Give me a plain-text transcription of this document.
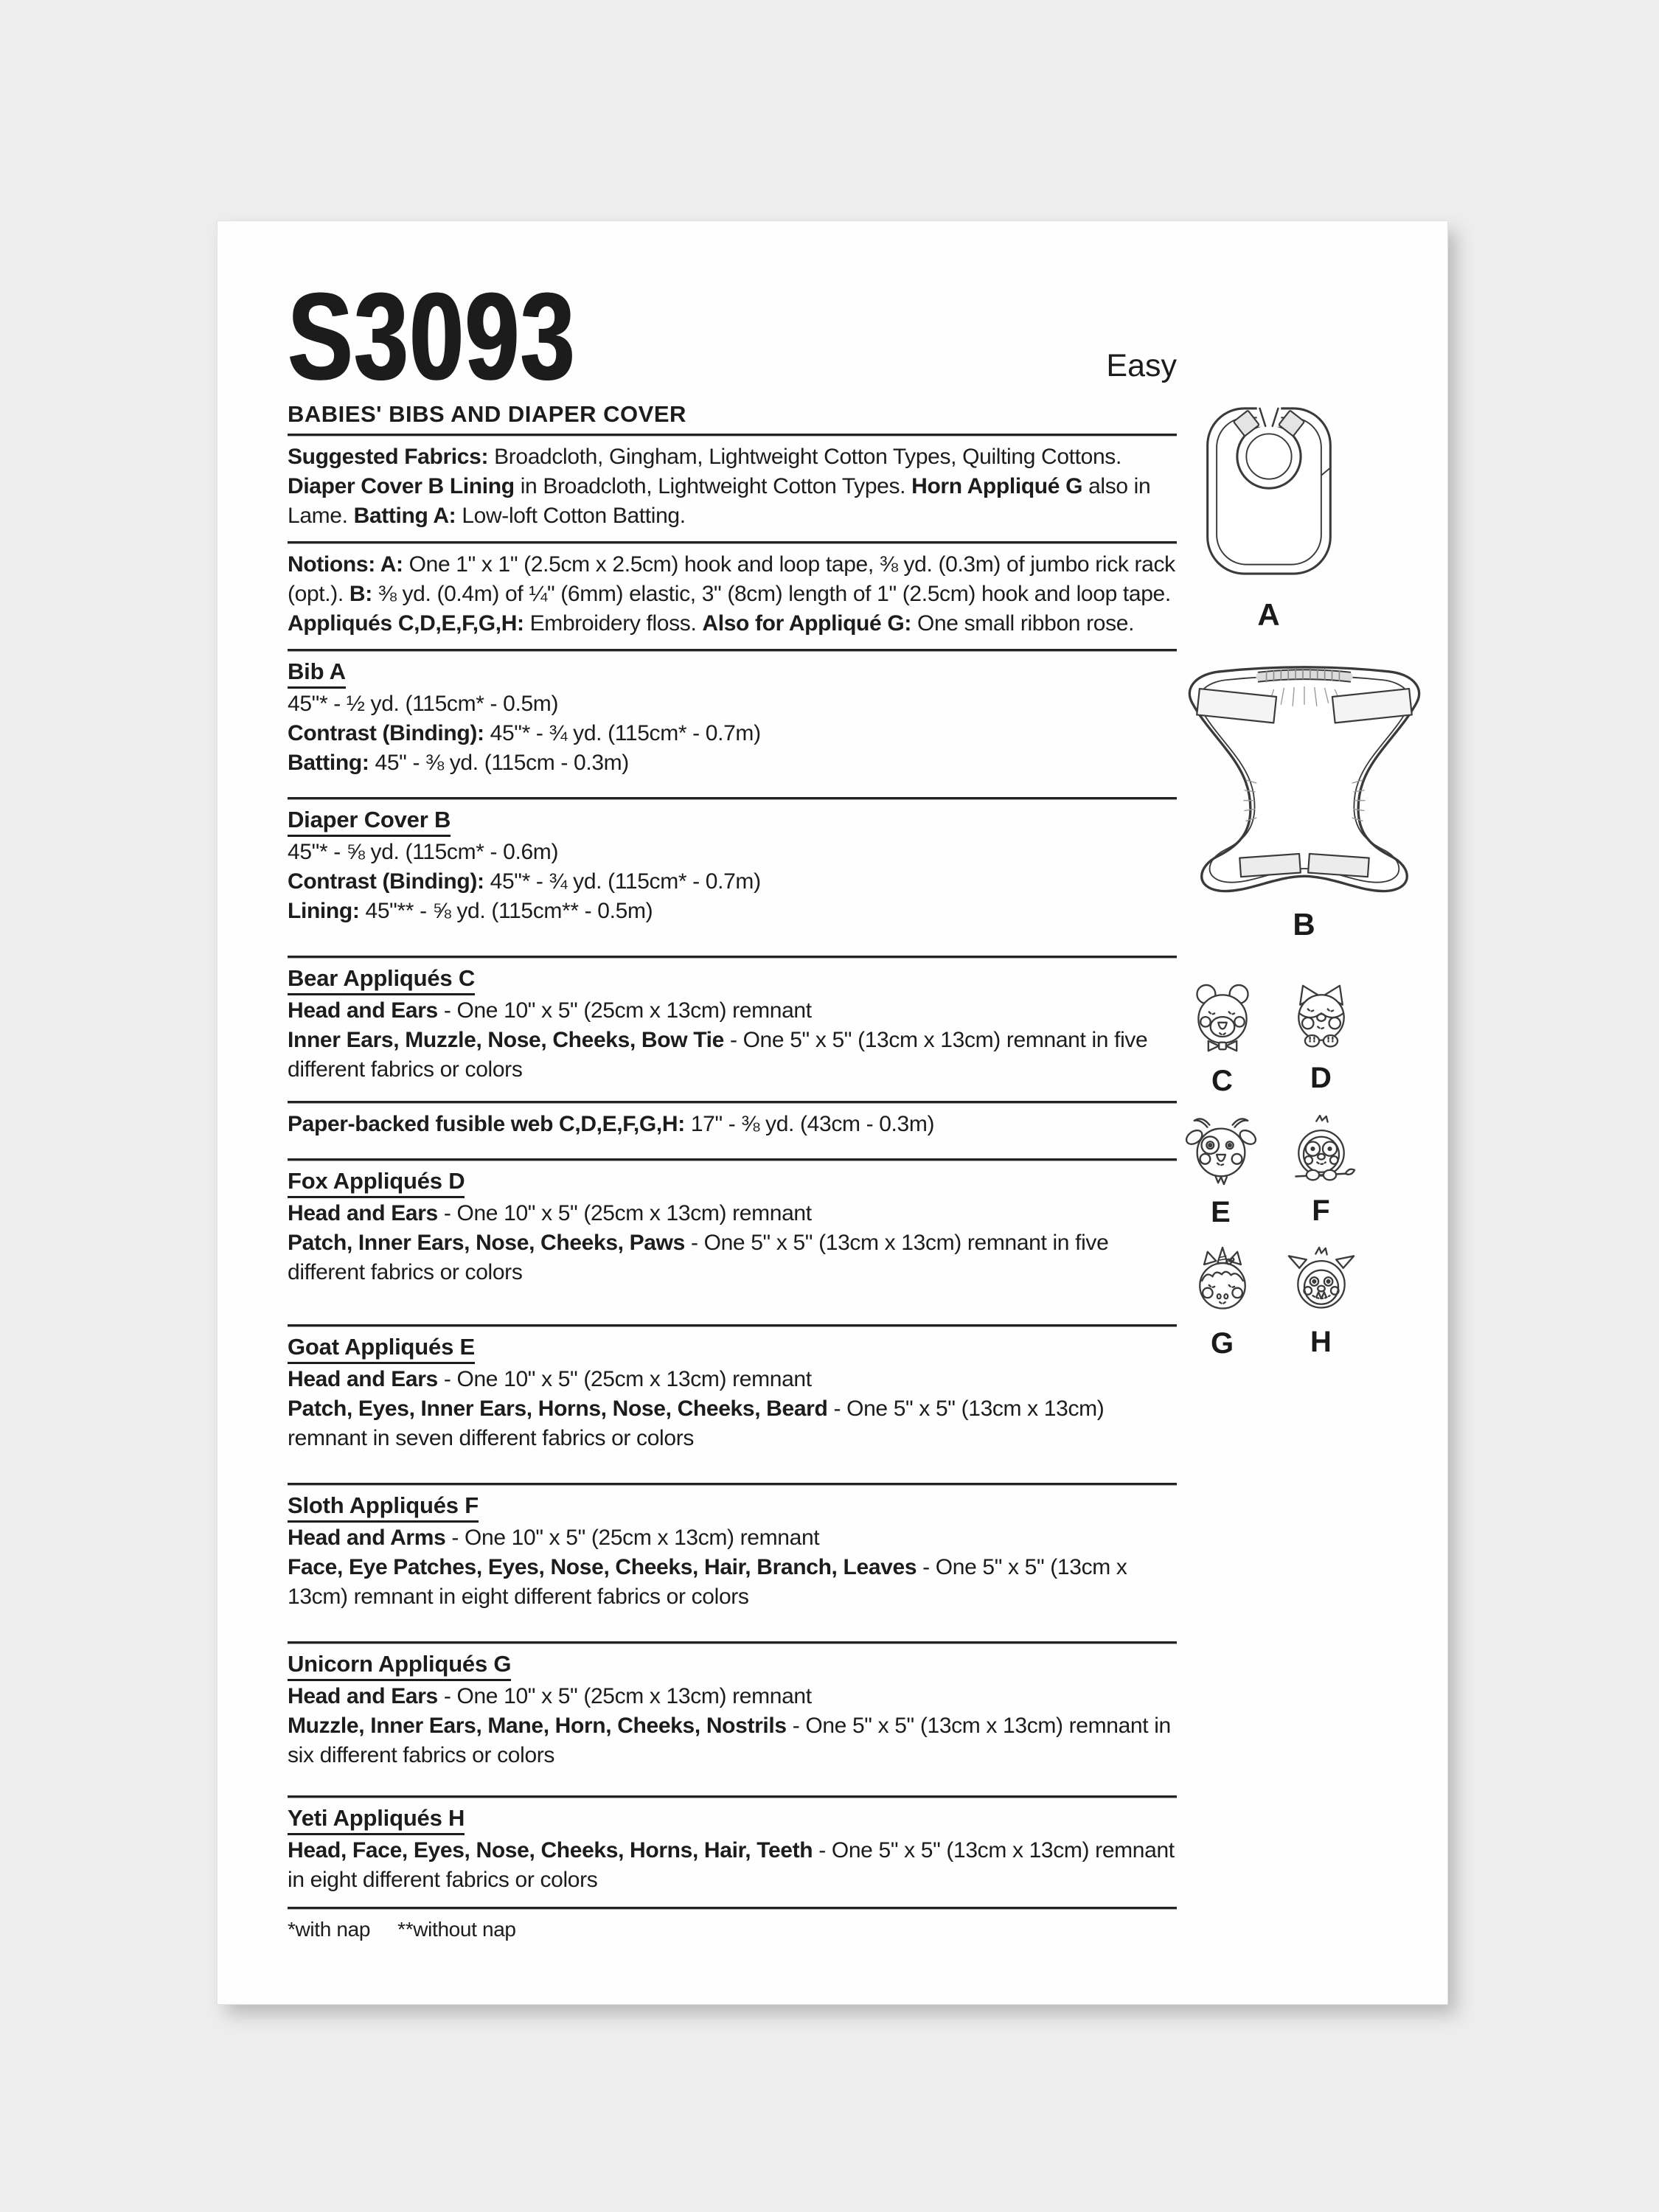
S3093	Easy
BABIES' BIBS AND DIAPER COVER

Suggested Fabrics: Broadcloth, Gingham, Lightweight Cotton Types, Quilting Cottons. Diaper Cover B Lining in Broadcloth, Lightweight Cotton Types. Horn Appliqué G also in Lame. Batting A: Low-loft Cotton Batting.

Notions: A: One 1" x 1" (2.5cm x 2.5cm) hook and loop tape, ⅜ yd. (0.3m) of jumbo rick rack (opt.). B: ⅜ yd. (0.4m) of ¼" (6mm) elastic, 3" (8cm) length of 1" (2.5cm) hook and loop tape. Appliqués C,D,E,F,G,H: Embroidery floss. Also for Appliqué G: One small ribbon rose.

Bib A

45"* - ½ yd. (115cm* - 0.5m)

Contrast (Binding): 45"* - ¾ yd. (115cm* - 0.7m)

Batting: 45" - ⅜ yd. (115cm - 0.3m)

Diaper Cover B

45"* - ⅝ yd. (115cm* - 0.6m)

Contrast (Binding): 45"* - ¾ yd. (115cm* - 0.7m)

Lining: 45"** - ⅝ yd. (115cm** - 0.5m)

Bear Appliqués C

Head and Ears - One 10" x 5" (25cm x 13cm) remnant

Inner Ears, Muzzle, Nose, Cheeks, Bow Tie - One 5" x 5" (13cm x 13cm) remnant in five different fabrics or colors

Paper-backed fusible web C,D,E,F,G,H: 17" - ⅜ yd. (43cm - 0.3m)

Fox Appliqués D

Head and Ears - One 10" x 5" (25cm x 13cm) remnant

Patch, Inner Ears, Nose, Cheeks, Paws - One 5" x 5" (13cm x 13cm) remnant in five different fabrics or colors

Goat Appliqués E

Head and Ears - One 10" x 5" (25cm x 13cm) remnant

Patch, Eyes, Inner Ears, Horns, Nose, Cheeks, Beard - One 5" x 5" (13cm x 13cm) remnant in seven different fabrics or colors

Sloth Appliqués F

Head and Arms - One 10" x 5" (25cm x 13cm) remnant

Face, Eye Patches, Eyes, Nose, Cheeks, Hair, Branch, Leaves - One 5" x 5" (13cm x 13cm) remnant in eight different fabrics or colors

Unicorn Appliqués G

Head and Ears - One 10" x 5" (25cm x 13cm) remnant

Muzzle, Inner Ears, Mane, Horn, Cheeks, Nostrils - One 5" x 5" (13cm x 13cm) remnant in six different fabrics or colors

Yeti Appliqués H

Head, Face, Eyes, Nose, Cheeks, Horns, Hair, Teeth - One 5" x 5" (13cm x 13cm) remnant in eight different fabrics or colors

*with nap     **without nap

A
B
C	D
E	F
G	H
